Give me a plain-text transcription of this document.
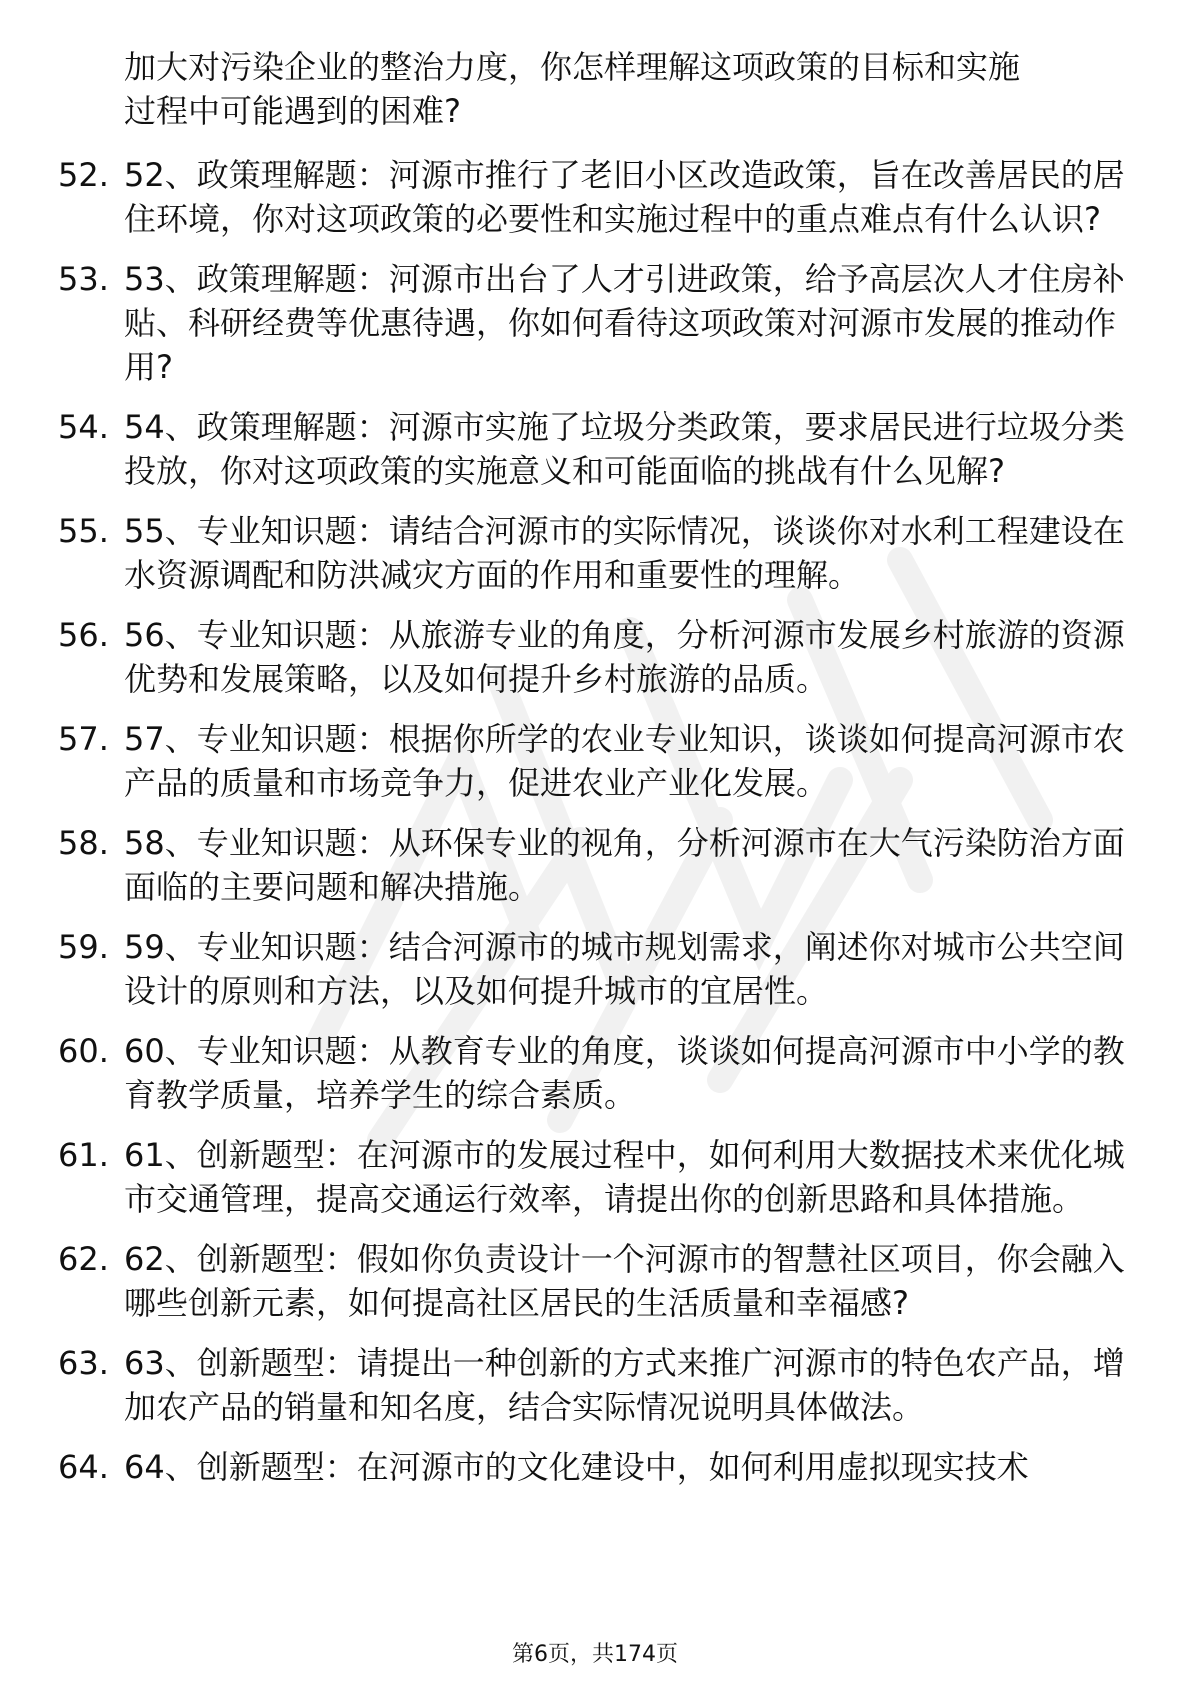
加大对污染企业的整治力度，你怎样理解这项政策的目标和实施
过程中可能遇到的困难?
52. 52、政策理解题：河源市推行了老旧小区改造政策，旨在改善居民的居住环境，你对这项政策的必要性和实施过程中的重点难点有什么认识?
53. 53、政策理解题：河源市出台了人才引进政策，给予高层次人才住房补贴、科研经费等优惠待遇，你如何看待这项政策对河源市发展的推动作用?
54. 54、政策理解题：河源市实施了垃圾分类政策，要求居民进行垃圾分类投放，你对这项政策的实施意义和可能面临的挑战有什么见解?
55. 55、专业知识题：请结合河源市的实际情况，谈谈你对水利工程建设在水资源调配和防洪减灾方面的作用和重要性的理解。
56. 56、专业知识题：从旅游专业的角度，分析河源市发展乡村旅游的资源优势和发展策略，以及如何提升乡村旅游的品质。
57. 57、专业知识题：根据你所学的农业专业知识，谈谈如何提高河源市农产品的质量和市场竞争力，促进农业产业化发展。
58. 58、专业知识题：从环保专业的视角，分析河源市在大气污染防治方面面临的主要问题和解决措施。
59. 59、专业知识题：结合河源市的城市规划需求，阐述你对城市公共空间设计的原则和方法，以及如何提升城市的宜居性。
60. 60、专业知识题：从教育专业的角度，谈谈如何提高河源市中小学的教育教学质量，培养学生的综合素质。
61. 61、创新题型：在河源市的发展过程中，如何利用大数据技术来优化城市交通管理，提高交通运行效率，请提出你的创新思路和具体措施。
62. 62、创新题型：假如你负责设计一个河源市的智慧社区项目，你会融入哪些创新元素，如何提高社区居民的生活质量和幸福感?
63. 63、创新题型：请提出一种创新的方式来推广河源市的特色农产品，增加农产品的销量和知名度，结合实际情况说明具体做法。
64. 64、创新题型：在河源市的文化建设中，如何利用虚拟现实技术
第6页，共174页
